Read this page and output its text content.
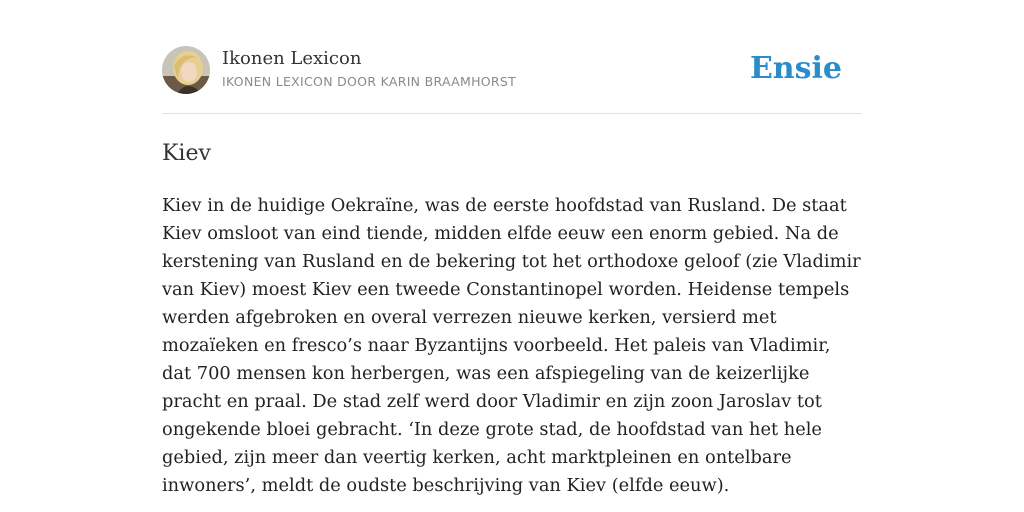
Ikonen Lexicon
IKONEN LEXICON DOOR KARIN BRAAMHORST	Ensie
Kiev
Kiev in de huidige Oekraïne, was de eerste hoofdstad van Rusland. De staat Kiev omsloot van eind tiende, midden elfde eeuw een enorm gebied. Na de kerstening van Rusland en de bekering tot het orthodoxe geloof (zie Vladimir van Kiev) moest Kiev een tweede Constantinopel worden. Heidense tempels werden afgebroken en overal verrezen nieuwe kerken, versierd met mozaïeken en fresco’s naar Byzantijns voorbeeld. Het paleis van Vladimir, dat 700 mensen kon herbergen, was een afspiegeling van de keizerlijke pracht en praal. De stad zelf werd door Vladimir en zijn zoon Jaroslav tot ongekende bloei gebracht. ‘In deze grote stad, de hoofdstad van het hele gebied, zijn meer dan veertig kerken, acht marktpleinen en ontelbare inwoners’, meldt de oudste beschrijving van Kiev (elfde eeuw).
